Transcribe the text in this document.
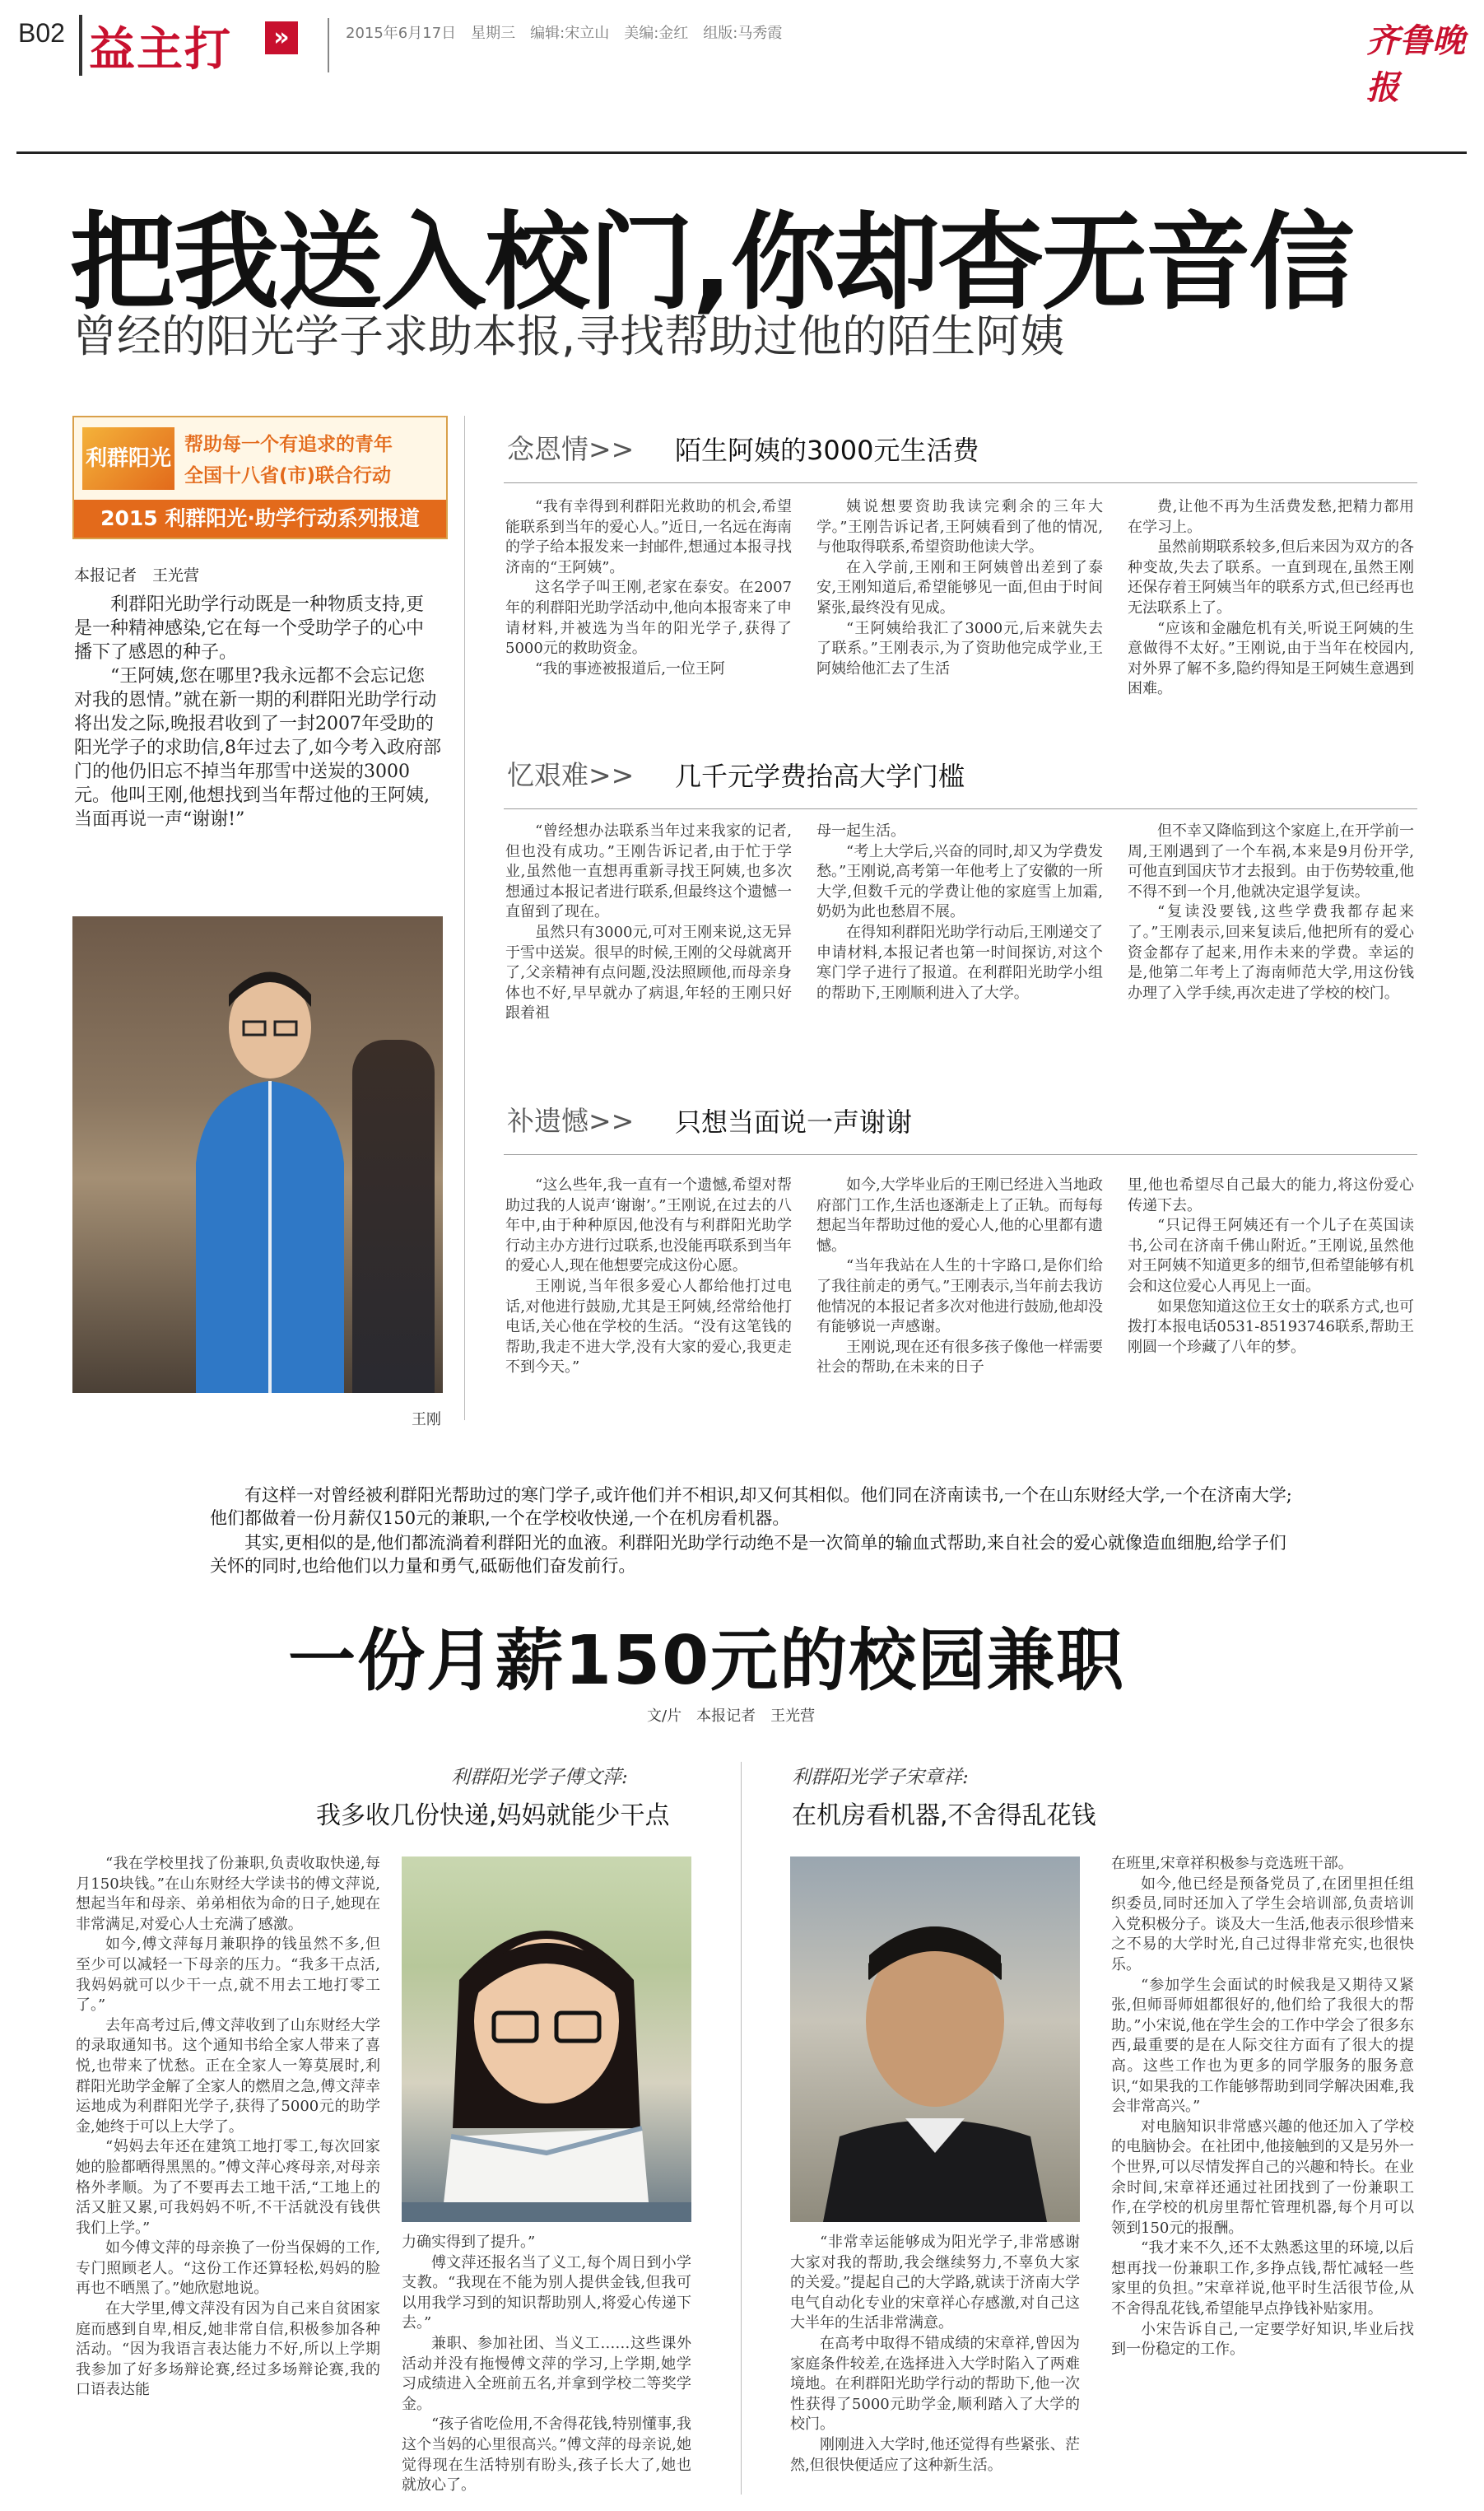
B02 益主打	»	2015年6月17日　星期三　编辑:宋立山　美编:金红　组版:马秀霞	齐鲁晚报
把我送入校门,你却杳无音信
曾经的阳光学子求助本报,寻找帮助过他的陌生阿姨
利群阳光
帮助每一个有追求的青年
全国十八省(市)联合行动
2015 利群阳光·助学行动系列报道
本报记者　王光营

利群阳光助学行动既是一种物质支持,更是一种精神感染,它在每一个受助学子的心中播下了感恩的种子。

“王阿姨,您在哪里?我永远都不会忘记您对我的恩情。”就在新一期的利群阳光助学行动将出发之际,晚报君收到了一封2007年受助的阳光学子的求助信,8年过去了,如今考入政府部门的他仍旧忘不掉当年那雪中送炭的3000元。他叫王刚,他想找到当年帮过他的王阿姨,当面再说一声“谢谢!”

王刚
念恩情>> 陌生阿姨的3000元生活费

“我有幸得到利群阳光救助的机会,希望能联系到当年的爱心人。”近日,一名远在海南的学子给本报发来一封邮件,想通过本报寻找济南的“王阿姨”。

这名学子叫王刚,老家在泰安。在2007年的利群阳光助学活动中,他向本报寄来了申请材料,并被选为当年的阳光学子,获得了5000元的救助资金。

“我的事迹被报道后,一位王阿

姨说想要资助我读完剩余的三年大学。”王刚告诉记者,王阿姨看到了他的情况,与他取得联系,希望资助他读大学。

在入学前,王刚和王阿姨曾出差到了泰安,王刚知道后,希望能够见一面,但由于时间紧张,最终没有见成。

“王阿姨给我汇了3000元,后来就失去了联系。”王刚表示,为了资助他完成学业,王阿姨给他汇去了生活

费,让他不再为生活费发愁,把精力都用在学习上。

虽然前期联系较多,但后来因为双方的各种变故,失去了联系。一直到现在,虽然王刚还保存着王阿姨当年的联系方式,但已经再也无法联系上了。

“应该和金融危机有关,听说王阿姨的生意做得不太好。”王刚说,由于当年在校园内,对外界了解不多,隐约得知是王阿姨生意遇到困难。

忆艰难>> 几千元学费抬高大学门槛

“曾经想办法联系当年过来我家的记者,但也没有成功。”王刚告诉记者,由于忙于学业,虽然他一直想再重新寻找王阿姨,也多次想通过本报记者进行联系,但最终这个遗憾一直留到了现在。

虽然只有3000元,可对王刚来说,这无异于雪中送炭。很早的时候,王刚的父母就离开了,父亲精神有点问题,没法照顾他,而母亲身体也不好,早早就办了病退,年轻的王刚只好跟着祖

母一起生活。

“考上大学后,兴奋的同时,却又为学费发愁。”王刚说,高考第一年他考上了安徽的一所大学,但数千元的学费让他的家庭雪上加霜,奶奶为此也愁眉不展。

在得知利群阳光助学行动后,王刚递交了申请材料,本报记者也第一时间探访,对这个寒门学子进行了报道。在利群阳光助学小组的帮助下,王刚顺利进入了大学。

但不幸又降临到这个家庭上,在开学前一周,王刚遇到了一个车祸,本来是9月份开学,可他直到国庆节才去报到。由于伤势较重,他不得不到一个月,他就决定退学复读。

“复读没要钱,这些学费我都存起来了。”王刚表示,回来复读后,他把所有的爱心资金都存了起来,用作未来的学费。幸运的是,他第二年考上了海南师范大学,用这份钱办理了入学手续,再次走进了学校的校门。

补遗憾>> 只想当面说一声谢谢

“这么些年,我一直有一个遗憾,希望对帮助过我的人说声‘谢谢’。”王刚说,在过去的八年中,由于种种原因,他没有与利群阳光助学行动主办方进行过联系,也没能再联系到当年的爱心人,现在他想要完成这份心愿。

王刚说,当年很多爱心人都给他打过电话,对他进行鼓励,尤其是王阿姨,经常给他打电话,关心他在学校的生活。“没有这笔钱的帮助,我走不进大学,没有大家的爱心,我更走不到今天。”

如今,大学毕业后的王刚已经进入当地政府部门工作,生活也逐渐走上了正轨。而每每想起当年帮助过他的爱心人,他的心里都有遗憾。

“当年我站在人生的十字路口,是你们给了我往前走的勇气。”王刚表示,当年前去我访他情况的本报记者多次对他进行鼓励,他却没有能够说一声感谢。

王刚说,现在还有很多孩子像他一样需要社会的帮助,在未来的日子

里,他也希望尽自己最大的能力,将这份爱心传递下去。

“只记得王阿姨还有一个儿子在英国读书,公司在济南千佛山附近。”王刚说,虽然他对王阿姨不知道更多的细节,但希望能够有机会和这位爱心人再见上一面。

如果您知道这位王女士的联系方式,也可拨打本报电话0531-85193746联系,帮助王刚圆一个珍藏了八年的梦。

有这样一对曾经被利群阳光帮助过的寒门学子,或许他们并不相识,却又何其相似。他们同在济南读书,一个在山东财经大学,一个在济南大学;他们都做着一份月薪仅150元的兼职,一个在学校收快递,一个在机房看机器。

其实,更相似的是,他们都流淌着利群阳光的血液。利群阳光助学行动绝不是一次简单的输血式帮助,来自社会的爱心就像造血细胞,给学子们关怀的同时,也给他们以力量和勇气,砥砺他们奋发前行。

一份月薪150元的校园兼职
文/片　本报记者　王光营
利群阳光学子傅文萍:
我多收几份快递,妈妈就能少干点

“我在学校里找了份兼职,负责收取快递,每月150块钱。”在山东财经大学读书的傅文萍说,想起当年和母亲、弟弟相依为命的日子,她现在非常满足,对爱心人士充满了感激。

如今,傅文萍每月兼职挣的钱虽然不多,但至少可以减轻一下母亲的压力。“我多干点活,我妈妈就可以少干一点,就不用去工地打零工了。”

去年高考过后,傅文萍收到了山东财经大学的录取通知书。这个通知书给全家人带来了喜悦,也带来了忧愁。正在全家人一筹莫展时,利群阳光助学金解了全家人的燃眉之急,傅文萍幸运地成为利群阳光学子,获得了5000元的助学金,她终于可以上大学了。

“妈妈去年还在建筑工地打零工,每次回家她的脸都晒得黑黑的。”傅文萍心疼母亲,对母亲格外孝顺。为了不要再去工地干活,“工地上的活又脏又累,可我妈妈不听,不干活就没有钱供我们上学。”

如今傅文萍的母亲换了一份当保姆的工作,专门照顾老人。“这份工作还算轻松,妈妈的脸再也不晒黑了。”她欣慰地说。

在大学里,傅文萍没有因为自己来自贫困家庭而感到自卑,相反,她非常自信,积极参加各种活动。“因为我语言表达能力不好,所以上学期我参加了好多场辩论赛,经过多场辩论赛,我的口语表达能

力确实得到了提升。”

傅文萍还报名当了义工,每个周日到小学支教。“我现在不能为别人提供金钱,但我可以用我学习到的知识帮助别人,将爱心传递下去。”

兼职、参加社团、当义工……这些课外活动并没有拖慢傅文萍的学习,上学期,她学习成绩进入全班前五名,并拿到学校二等奖学金。

“孩子省吃俭用,不舍得花钱,特别懂事,我这个当妈的心里很高兴。”傅文萍的母亲说,她觉得现在生活特别有盼头,孩子长大了,她也就放心了。

利群阳光学子宋章祥:
在机房看机器,不舍得乱花钱

“非常幸运能够成为阳光学子,非常感谢大家对我的帮助,我会继续努力,不辜负大家的关爱。”提起自己的大学路,就读于济南大学电气自动化专业的宋章祥心存感激,对自己这大半年的生活非常满意。

在高考中取得不错成绩的宋章祥,曾因为家庭条件较差,在选择进入大学时陷入了两难境地。在利群阳光助学行动的帮助下,他一次性获得了5000元助学金,顺利踏入了大学的校门。

刚刚进入大学时,他还觉得有些紧张、茫然,但很快便适应了这种新生活。

在班里,宋章祥积极参与竞选班干部。

如今,他已经是预备党员了,在团里担任组织委员,同时还加入了学生会培训部,负责培训入党积极分子。谈及大一生活,他表示很珍惜来之不易的大学时光,自己过得非常充实,也很快乐。

“参加学生会面试的时候我是又期待又紧张,但师哥师姐都很好的,他们给了我很大的帮助。”小宋说,他在学生会的工作中学会了很多东西,最重要的是在人际交往方面有了很大的提高。这些工作也为更多的同学服务的服务意识,“如果我的工作能够帮助到同学解决困难,我会非常高兴。”

对电脑知识非常感兴趣的他还加入了学校的电脑协会。在社团中,他接触到的又是另外一个世界,可以尽情发挥自己的兴趣和特长。在业余时间,宋章祥还通过社团找到了一份兼职工作,在学校的机房里帮忙管理机器,每个月可以领到150元的报酬。

“我才来不久,还不太熟悉这里的环境,以后想再找一份兼职工作,多挣点钱,帮忙减轻一些家里的负担。”宋章祥说,他平时生活很节俭,从不舍得乱花钱,希望能早点挣钱补贴家用。

小宋告诉自己,一定要学好知识,毕业后找到一份稳定的工作。
